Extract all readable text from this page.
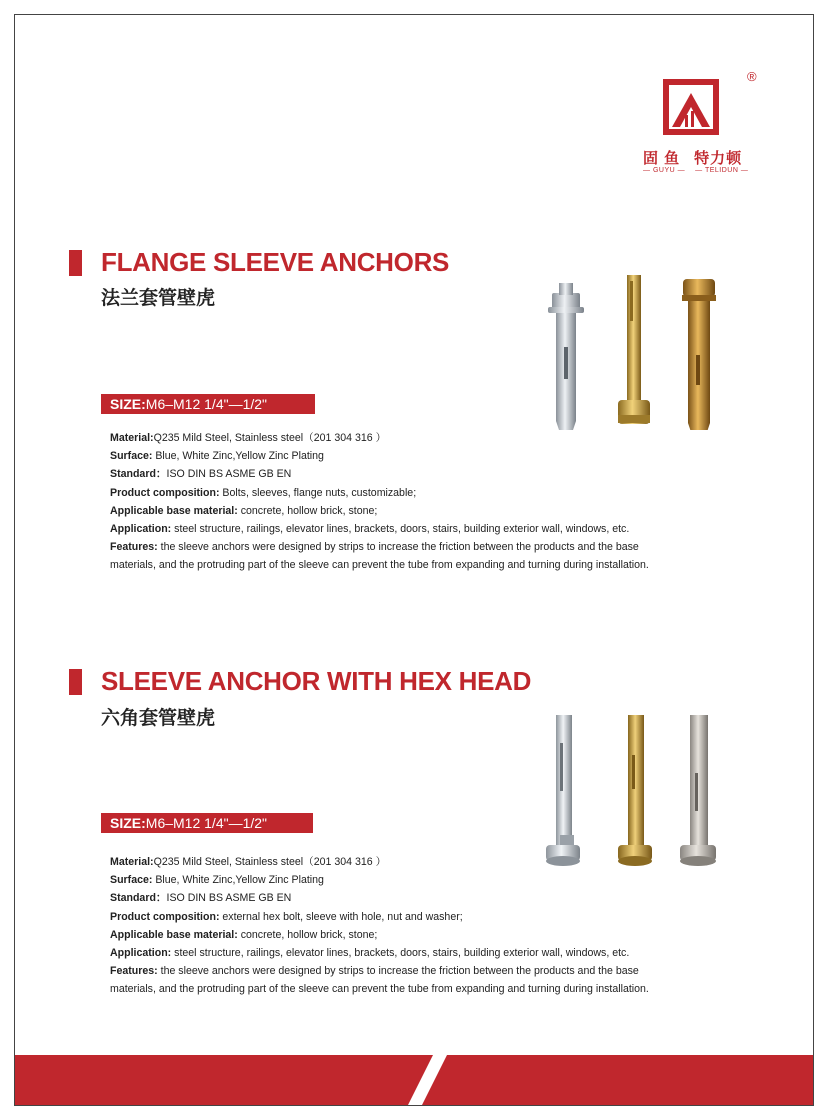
®
固 鱼 特力顿
— GUYU — — TELIDUN —
FLANGE SLEEVE ANCHORS
法兰套管壁虎
SIZE:M6–M12 1/4"—1/2"

Material:Q235 Mild Steel, Stainless steel（201 304 316 ）

Surface: Blue, White Zinc,Yellow Zinc Plating

Standard：ISO DIN BS ASME GB EN

Product composition: Bolts, sleeves, flange nuts, customizable;

Applicable base material: concrete, hollow brick, stone;

Application: steel structure, railings, elevator lines, brackets, doors, stairs, building exterior wall, windows, etc.

Features: the sleeve anchors were designed by strips to increase the friction between the products and the base

materials, and the protruding part of the sleeve can prevent the tube from expanding and turning during installation.

SLEEVE ANCHOR WITH HEX HEAD
六角套管壁虎
SIZE:M6–M12 1/4"—1/2"

Material:Q235 Mild Steel, Stainless steel（201 304 316 ）

Surface: Blue, White Zinc,Yellow Zinc Plating

Standard：ISO DIN BS ASME GB EN

Product composition: external hex bolt, sleeve with hole, nut and washer;

Applicable base material: concrete, hollow brick, stone;

Application: steel structure, railings, elevator lines, brackets, doors, stairs, building exterior wall, windows, etc.

Features: the sleeve anchors were designed by strips to increase the friction between the products and the base

materials, and the protruding part of the sleeve can prevent the tube from expanding and turning during installation.
